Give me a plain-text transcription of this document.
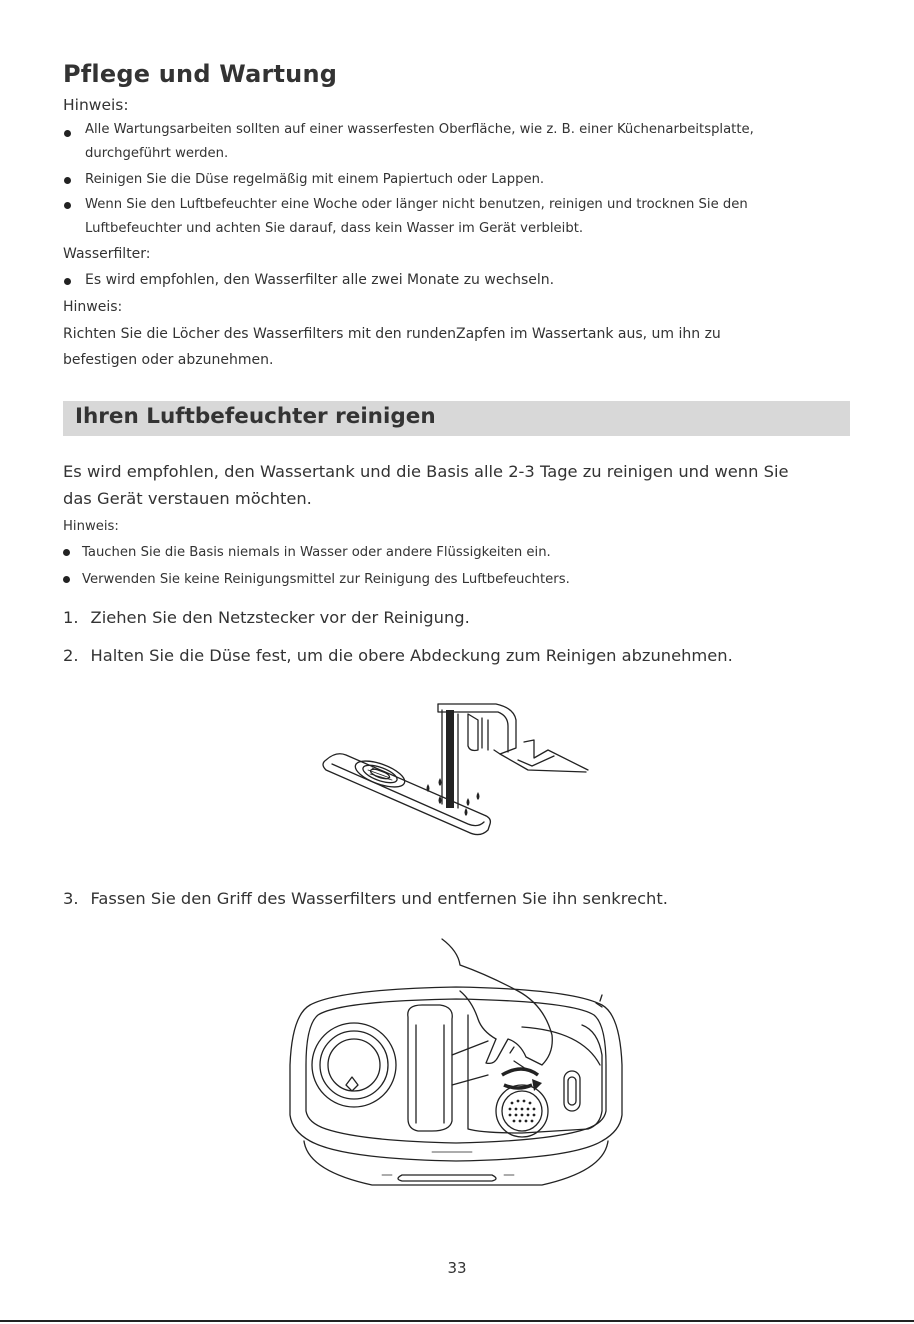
Pflege und Wartung
Hinweis:
Alle Wartungsarbeiten sollten auf einer wasserfesten Oberfläche, wie z. B. einer Küchenarbeitsplatte,
durchgeführt werden.
Reinigen Sie die Düse regelmäßig mit einem Papiertuch oder Lappen.
Wenn Sie den Luftbefeuchter eine Woche oder länger nicht benutzen, reinigen und trocknen Sie den
Luftbefeuchter und achten Sie darauf, dass kein Wasser im Gerät verbleibt.
Wasserfilter:
Es wird empfohlen, den Wasserfilter alle zwei Monate zu wechseln.
Hinweis:
Richten Sie die Löcher des Wasserfilters mit den rundenZapfen im Wassertank aus, um ihn zu
befestigen oder abzunehmen.
Ihren Luftbefeuchter reinigen
Es wird empfohlen, den Wassertank und die Basis alle 2-3 Tage zu reinigen und wenn Sie
das Gerät verstauen möchten.
Hinweis:
Tauchen Sie die Basis niemals in Wasser oder andere Flüssigkeiten ein.
Verwenden Sie keine Reinigungsmittel zur Reinigung des Luftbefeuchters.
1. Ziehen Sie den Netzstecker vor der Reinigung.
2. Halten Sie die Düse fest, um die obere Abdeckung zum Reinigen abzunehmen.
3. Fassen Sie den Griff des Wasserfilters und entfernen Sie ihn senkrecht.
33
